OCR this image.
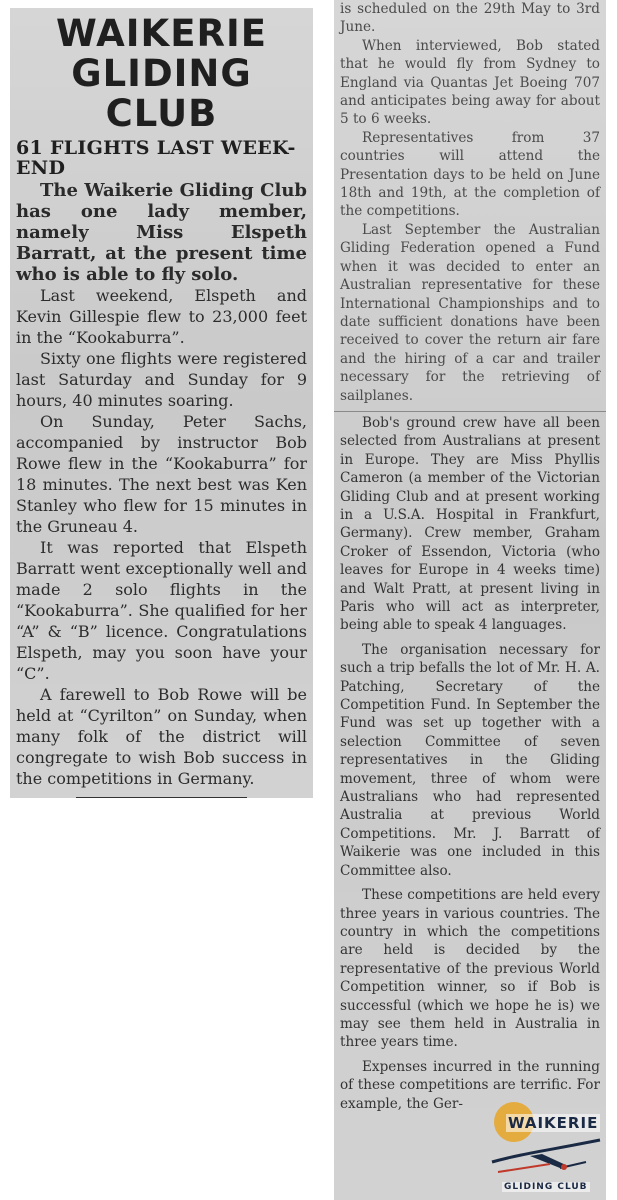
WAIKERIE GLIDING CLUB
61 FLIGHTS LAST WEEK-END

The Waikerie Gliding Club has one lady member, namely Miss Elspeth Barratt, at the present time who is able to fly solo.

Last weekend, Elspeth and Kevin Gillespie flew to 23,000 feet in the “Kookaburra”.

Sixty one flights were registered last Saturday and Sunday for 9 hours, 40 minutes soaring.

On Sunday, Peter Sachs, accompanied by instructor Bob Rowe flew in the “Kookaburra” for 18 minutes. The next best was Ken Stanley who flew for 15 minutes in the Gruneau 4.

It was reported that Elspeth Barratt went exceptionally well and made 2 solo flights in the “Kookaburra”. She qualified for her “A” & “B” licence. Congratulations Elspeth, may you soon have your “C”.

A farewell to Bob Rowe will be held at “Cyrilton” on Sunday, when many folk of the district will congregate to wish Bob success in the competitions in Germany.

is scheduled on the 29th May to 3rd June.

When interviewed, Bob stated that he would fly from Sydney to England via Quantas Jet Boeing 707 and anticipates being away for about 5 to 6 weeks.

Representatives from 37 countries will attend the Presentation days to be held on June 18th and 19th, at the completion of the competitions.

Last September the Australian Gliding Federation opened a Fund when it was decided to enter an Australian representative for these International Championships and to date sufficient donations have been received to cover the return air fare and the hiring of a car and trailer necessary for the retrieving of sailplanes.

Bob's ground crew have all been selected from Australians at present in Europe. They are Miss Phyllis Cameron (a member of the Victorian Gliding Club and at present working in a U.S.A. Hospital in Frankfurt, Germany). Crew member, Graham Croker of Essendon, Victoria (who leaves for Europe in 4 weeks time) and Walt Pratt, at present living in Paris who will act as interpreter, being able to speak 4 languages.

The organisation necessary for such a trip befalls the lot of Mr. H. A. Patching, Secretary of the Competition Fund. In September the Fund was set up together with a selection Committee of seven representatives in the Gliding movement, three of whom were Australians who had represented Australia at previous World Competitions. Mr. J. Barratt of Waikerie was one included in this Committee also.

These competitions are held every three years in various countries. The country in which the competitions are held is decided by the representative of the previous World Competition winner, so if Bob is successful (which we hope he is) we may see them held in Australia in three years time.

Expenses incurred in the running of these competitions are terrific. For example, the Ger-

WAIKERIE
GLIDING CLUB
